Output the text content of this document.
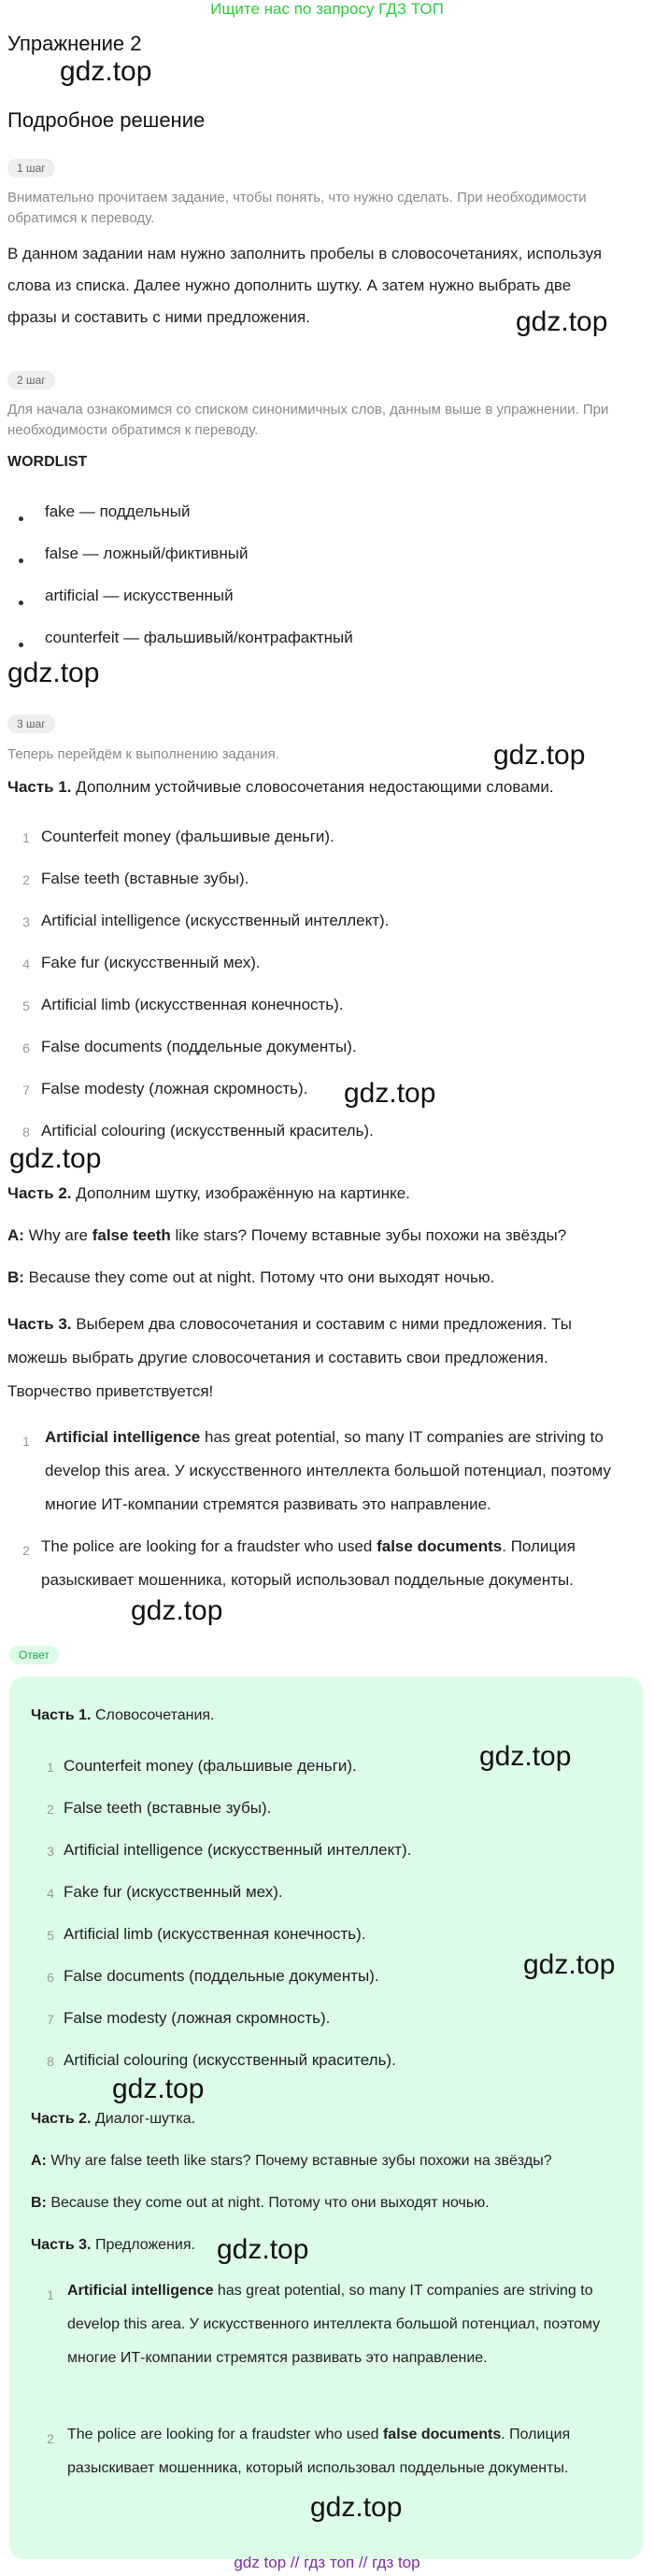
Ищите нас по запросу ГДЗ ТОП
Упражнение 2
gdz.top
Подробное решение
1 шаг
Внимательно прочитаем задание, чтобы понять, что нужно сделать. При необходимости обратимся к переводу.
В данном задании нам нужно заполнить пробелы в словосочетаниях, используя слова из списка. Далее нужно дополнить шутку. А затем нужно выбрать две фразы и составить с ними предложения.	gdz.top
2 шаг
Для начала ознакомимся со списком синонимичных слов, данным выше в упражнении. При необходимости обратимся к переводу.
WORDLIST
fake — поддельный
false — ложный/фиктивный
artificial — искусственный
counterfeit — фальшивый/контрафактный
gdz.top
3 шаг
Теперь перейдём к выполнению задания.	gdz.top
Часть 1. Дополним устойчивые словосочетания недостающими словами.
1 Counterfeit money (фальшивые деньги).
2 False teeth (вставные зубы).
3 Artificial intelligence (искусственный интеллект).
4 Fake fur (искусственный мех).
5 Artificial limb (искусственная конечность).
6 False documents (поддельные документы).
7 False modesty (ложная скромность).
8 Artificial colouring (искусственный краситель).
gdz.top
gdz.top
Часть 2. Дополним шутку, изображённую на картинке.
A: Why are false teeth like stars? Почему вставные зубы похожи на звёзды?
B: Because they come out at night. Потому что они выходят ночью.
Часть 3. Выберем два словосочетания и составим с ними предложения. Ты можешь выбрать другие словосочетания и составить свои предложения. Творчество приветствуется!
1 Artificial intelligence has great potential, so many IT companies are striving to develop this area. У искусственного интеллекта большой потенциал, поэтому многие ИТ-компании стремятся развивать это направление.
2 The police are looking for a fraudster who used false documents. Полиция разыскивает мошенника, который использовал поддельные документы.
gdz.top
Ответ
Часть 1. Словосочетания.
1 Counterfeit money (фальшивые деньги).
2 False teeth (вставные зубы).
3 Artificial intelligence (искусственный интеллект).
4 Fake fur (искусственный мех).
5 Artificial limb (искусственная конечность).
6 False documents (поддельные документы).
7 False modesty (ложная скромность).
8 Artificial colouring (искусственный краситель).
gdz.top
gdz.top
gdz.top
Часть 2. Диалог-шутка.
A: Why are false teeth like stars? Почему вставные зубы похожи на звёзды?
B: Because they come out at night. Потому что они выходят ночью.
Часть 3. Предложения. gdz.top
1 Artificial intelligence has great potential, so many IT companies are striving to develop this area. У искусственного интеллекта большой потенциал, поэтому многие ИТ-компании стремятся развивать это направление.
2 The police are looking for a fraudster who used false documents. Полиция разыскивает мошенника, который использовал поддельные документы.
gdz.top
gdz top // гдз топ // гдз top
